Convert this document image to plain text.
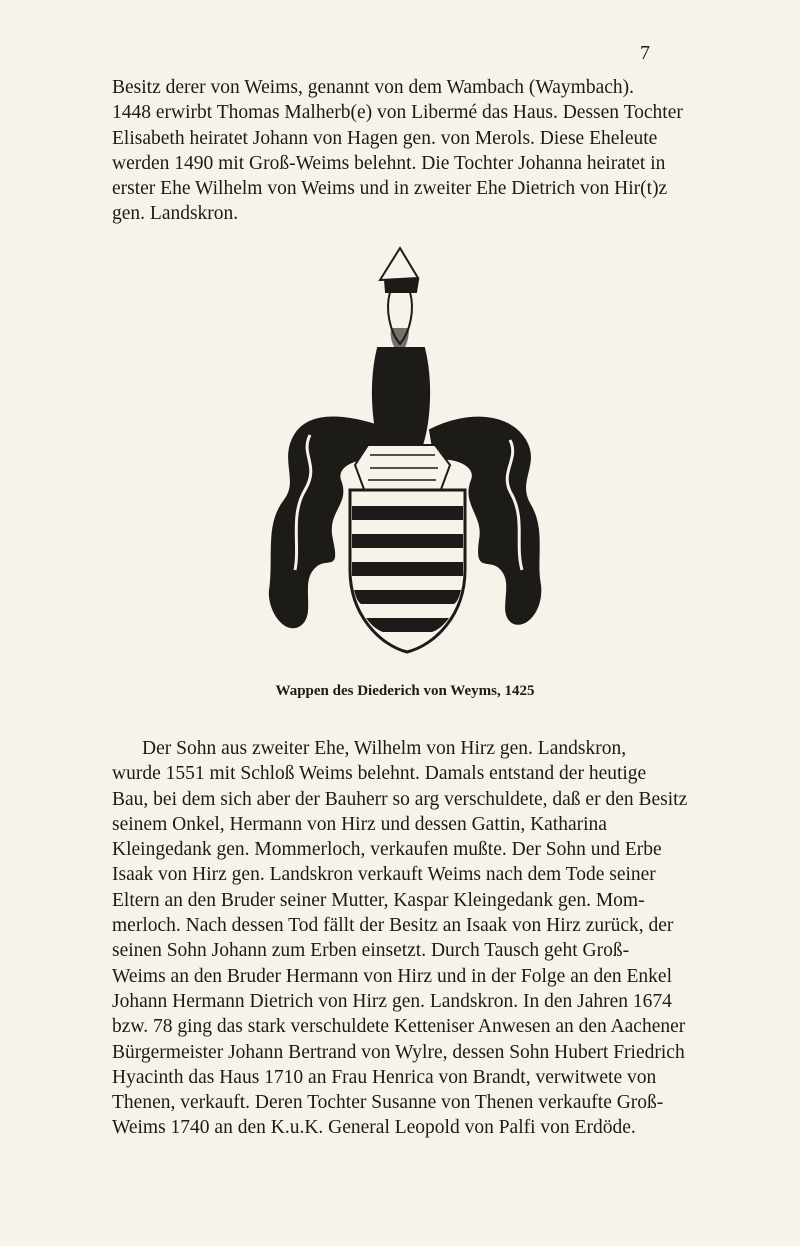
7
Besitz derer von Weims, genannt von dem Wambach (Waymbach).
1448 erwirbt Thomas Malherb(e) von Libermé das Haus. Dessen Tochter
Elisabeth heiratet Johann von Hagen gen. von Merols. Diese Eheleute
werden 1490 mit Groß-Weims belehnt. Die Tochter Johanna heiratet in
erster Ehe Wilhelm von Weims und in zweiter Ehe Dietrich von Hir(t)z
gen. Landskron.
Wappen des Diederich von Weyms, 1425
Der Sohn aus zweiter Ehe, Wilhelm von Hirz gen. Landskron,
wurde 1551 mit Schloß Weims belehnt. Damals entstand der heutige
Bau, bei dem sich aber der Bauherr so arg verschuldete, daß er den Besitz
seinem Onkel, Hermann von Hirz und dessen Gattin, Katharina
Kleingedank gen. Mommerloch, verkaufen mußte. Der Sohn und Erbe
Isaak von Hirz gen. Landskron verkauft Weims nach dem Tode seiner
Eltern an den Bruder seiner Mutter, Kaspar Kleingedank gen. Mom-
merloch. Nach dessen Tod fällt der Besitz an Isaak von Hirz zurück, der
seinen Sohn Johann zum Erben einsetzt. Durch Tausch geht Groß-
Weims an den Bruder Hermann von Hirz und in der Folge an den Enkel
Johann Hermann Dietrich von Hirz gen. Landskron. In den Jahren 1674
bzw. 78 ging das stark verschuldete Ketteniser Anwesen an den Aachener
Bürgermeister Johann Bertrand von Wylre, dessen Sohn Hubert Friedrich
Hyacinth das Haus 1710 an Frau Henrica von Brandt, verwitwete von
Thenen, verkauft. Deren Tochter Susanne von Thenen verkaufte Groß-
Weims 1740 an den K.u.K. General Leopold von Palfi von Erdöde.
